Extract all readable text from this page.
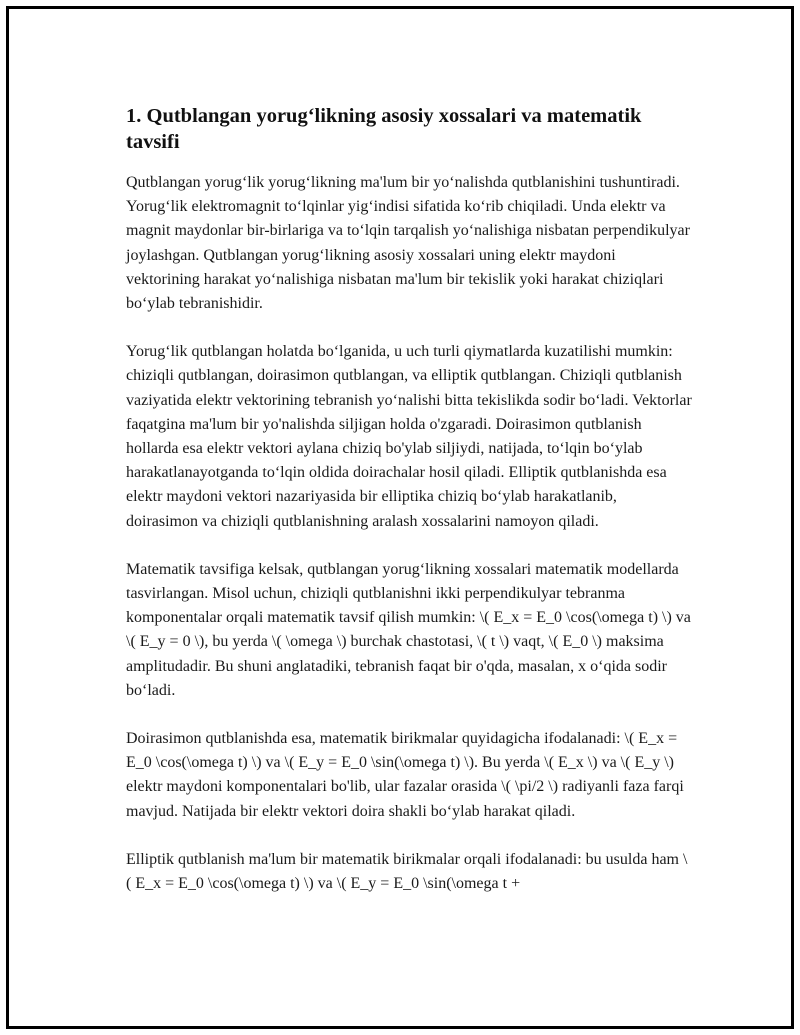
1. Qutblangan yorug‘likning asosiy xossalari va matematik tavsifi

Qutblangan yorug‘lik yorug‘likning ma'lum bir yo‘nalishda qutblanishini tushuntiradi. Yorug‘lik elektromagnit to‘lqinlar yig‘indisi sifatida ko‘rib chiqiladi. Unda elektr va magnit maydonlar bir-birlariga va to‘lqin tarqalish yo‘nalishiga nisbatan perpendikulyar joylashgan. Qutblangan yorug‘likning asosiy xossalari uning elektr maydoni vektorining harakat yo‘nalishiga nisbatan ma'lum bir tekislik yoki harakat chiziqlari bo‘ylab tebranishidir.

Yorug‘lik qutblangan holatda bo‘lganida, u uch turli qiymatlarda kuzatilishi mumkin: chiziqli qutblangan, doirasimon qutblangan, va elliptik qutblangan. Chiziqli qutblanish vaziyatida elektr vektorining tebranish yo‘nalishi bitta tekislikda sodir bo‘ladi. Vektorlar faqatgina ma'lum bir yo'nalishda siljigan holda o'zgaradi. Doirasimon qutblanish hollarda esa elektr vektori aylana chiziq bo'ylab siljiydi, natijada, to‘lqin bo‘ylab harakatlanayotganda to‘lqin oldida doirachalar hosil qiladi. Elliptik qutblanishda esa elektr maydoni vektori nazariyasida bir elliptika chiziq bo‘ylab harakatlanib, doirasimon va chiziqli qutblanishning aralash xossalarini namoyon qiladi.

Matematik tavsifiga kelsak, qutblangan yorug‘likning xossalari matematik modellarda tasvirlangan. Misol uchun, chiziqli qutblanishni ikki perpendikulyar tebranma komponentalar orqali matematik tavsif qilish mumkin: \( E_x = E_0 \cos(\omega t) \) va \( E_y = 0 \), bu yerda \( \omega \) burchak chastotasi, \( t \) vaqt, \( E_0 \) maksima amplitudadir. Bu shuni anglatadiki, tebranish faqat bir o'qda, masalan, x o‘qida sodir bo‘ladi.

Doirasimon qutblanishda esa, matematik birikmalar quyidagicha ifodalanadi: \( E_x = E_0 \cos(\omega t) \) va \( E_y = E_0 \sin(\omega t) \). Bu yerda \( E_x \) va \( E_y \) elektr maydoni komponentalari bo'lib, ular fazalar orasida \( \pi/2 \) radiyanli faza farqi mavjud. Natijada bir elektr vektori doira shakli bo‘ylab harakat qiladi.

Elliptik qutblanish ma'lum bir matematik birikmalar orqali ifodalanadi: bu usulda ham \( E_x = E_0 \cos(\omega t) \) va \( E_y = E_0 \sin(\omega t +
